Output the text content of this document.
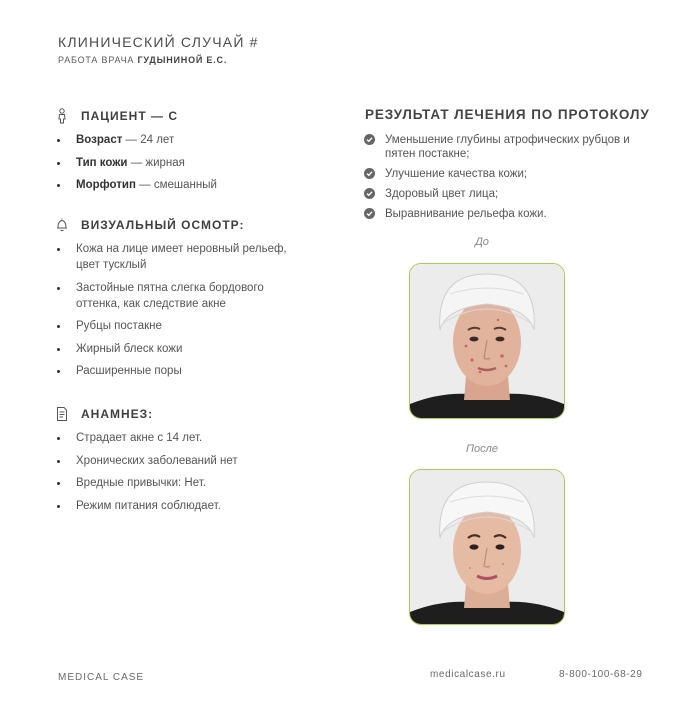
КЛИНИЧЕСКИЙ СЛУЧАЙ #
РАБОТА ВРАЧА ГУДЫНИНОЙ Е.С.
ПАЦИЕНТ — С
Возраст — 24 лет
Тип кожи — жирная
Морфотип — смешанный
ВИЗУАЛЬНЫЙ ОСМОТР:
Кожа на лице имеет неровный рельеф, цвет тусклый
Застойные пятна слегка бордового оттенка, как следствие акне
Рубцы постакне
Жирный блеск кожи
Расширенные поры
АНАМНЕЗ:
Страдает акне с 14 лет.
Хронических заболеваний нет
Вредные привычки: Нет.
Режим питания соблюдает.
РЕЗУЛЬТАТ ЛЕЧЕНИЯ ПО ПРОТОКОЛУ
Уменьшение глубины атрофических рубцов и пятен постакне;
Улучшение качества кожи;
Здоровый цвет лица;
Выравнивание рельефа кожи.
До
После
MEDICAL CASE	medicalcase.ru	8-800-100-68-29
